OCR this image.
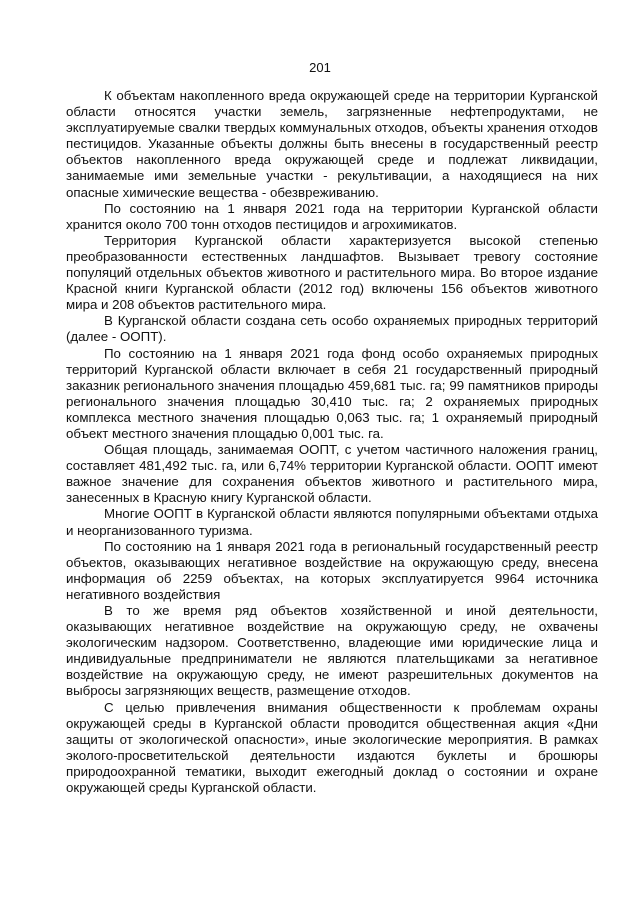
201

К объектам накопленного вреда окружающей среде на территории Курганской области относятся участки земель, загрязненные нефтепродуктами, не эксплуатируемые свалки твердых коммунальных отходов, объекты хранения отходов пестицидов. Указанные объекты должны быть внесены в государственный реестр объектов накопленного вреда окружающей среде и подлежат ликвидации, занимаемые ими земельные участки - рекультивации, а находящиеся на них опасные химические вещества - обезвреживанию.

По состоянию на 1 января 2021 года на территории Курганской области хранится около 700 тонн отходов пестицидов и агрохимикатов.

Территория Курганской области характеризуется высокой степенью преобразованности естественных ландшафтов. Вызывает тревогу состояние популяций отдельных объектов животного и растительного мира. Во второе издание Красной книги Курганской области (2012 год) включены 156 объектов животного мира и 208 объектов растительного мира.

В Курганской области создана сеть особо охраняемых природных территорий (далее - ООПТ).

По состоянию на 1 января 2021 года фонд особо охраняемых природных территорий Курганской области включает в себя 21 государственный природный заказник регионального значения площадью 459,681 тыс. га; 99 памятников природы регионального значения площадью 30,410 тыс. га; 2 охраняемых природных комплекса местного значения площадью 0,063 тыс. га; 1 охраняемый природный объект местного значения площадью 0,001 тыс. га.

Общая площадь, занимаемая ООПТ, с учетом частичного наложения границ, составляет 481,492 тыс. га, или 6,74% территории Курганской области. ООПТ имеют важное значение для сохранения объектов животного и растительного мира, занесенных в Красную книгу Курганской области.

Многие ООПТ в Курганской области являются популярными объектами отдыха и неорганизованного туризма.

По состоянию на 1 января 2021 года в региональный государственный реестр объектов, оказывающих негативное воздействие на окружающую среду, внесена информация об 2259 объектах, на которых эксплуатируется 9964 источника негативного воздействия

В то же время ряд объектов хозяйственной и иной деятельности, оказывающих негативное воздействие на окружающую среду, не охвачены экологическим надзором. Соответственно, владеющие ими юридические лица и индивидуальные предприниматели не являются плательщиками за негативное воздействие на окружающую среду, не имеют разрешительных документов на выбросы загрязняющих веществ, размещение отходов.

С целью привлечения внимания общественности к проблемам охраны окружающей среды в Курганской области проводится общественная акция «Дни защиты от экологической опасности», иные экологические мероприятия. В рамках эколого-просветительской деятельности издаются буклеты и брошюры природоохранной тематики, выходит ежегодный доклад о состоянии и охране окружающей среды Курганской области.
